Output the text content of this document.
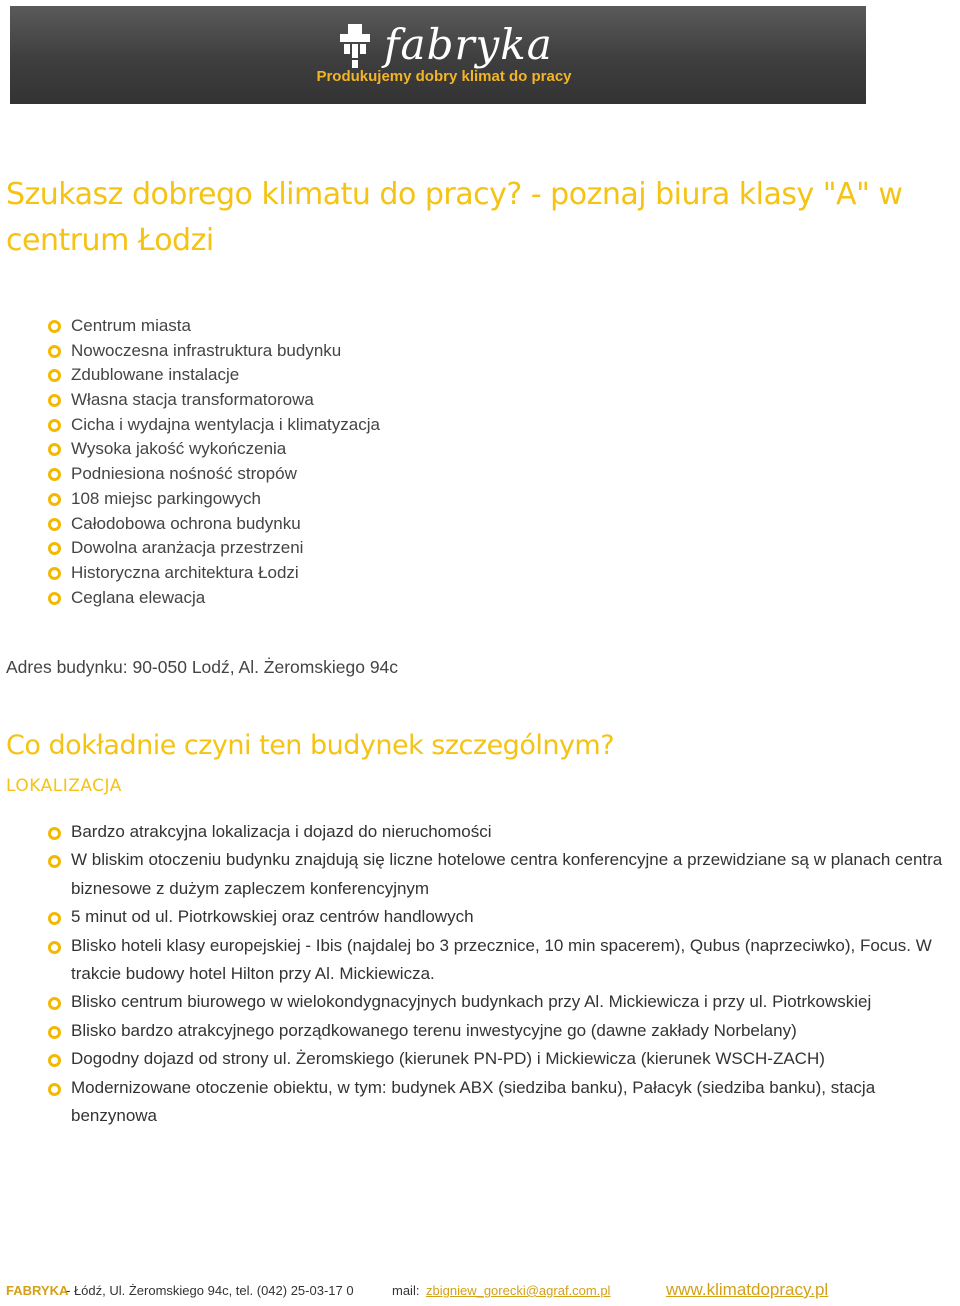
fabryka
Produkujemy dobry klimat do pracy
Szukasz dobrego klimatu do pracy? - poznaj biura klasy "A" w centrum Łodzi
Centrum miasta
Nowoczesna infrastruktura budynku
Zdublowane instalacje
Własna stacja transformatorowa
Cicha i wydajna wentylacja i klimatyzacja
Wysoka jakość wykończenia
Podniesiona nośność stropów
108 miejsc parkingowych
Całodobowa ochrona budynku
Dowolna aranżacja przestrzeni
Historyczna architektura Łodzi
Ceglana elewacja
Adres budynku: 90-050 Lodź, Al. Żeromskiego 94c
Co dokładnie czyni ten budynek szczególnym?
LOKALIZACJA
Bardzo atrakcyjna lokalizacja i dojazd do nieruchomości
W bliskim otoczeniu budynku znajdują się liczne hotelowe centra konferencyjne a przewidziane są w planach centra biznesowe z dużym zapleczem konferencyjnym
5 minut od ul. Piotrkowskiej oraz centrów handlowych
Blisko hoteli klasy europejskiej - Ibis (najdalej bo 3 przecznice, 10 min spacerem), Qubus (naprzeciwko), Focus. W trakcie budowy hotel Hilton przy Al. Mickiewicza.
Blisko centrum biurowego w wielokondygnacyjnych budynkach przy Al. Mickiewicza i przy ul. Piotrkowskiej
Blisko bardzo atrakcyjnego porządkowanego terenu inwestycyjne go (dawne zakłady Norbelany)
Dogodny dojazd od strony ul. Żeromskiego (kierunek PN-PD) i Mickiewicza (kierunek WSCH-ZACH)
Modernizowane otoczenie obiektu, w tym: budynek ABX (siedziba banku), Pałacyk (siedziba banku), stacja benzynowa
FABRYKA
- Łódź, Ul. Żeromskiego 94c, tel. (042) 25-03-17 0	mail: zbigniew_gorecki@agraf.com.pl	www.klimatdopracy.pl
